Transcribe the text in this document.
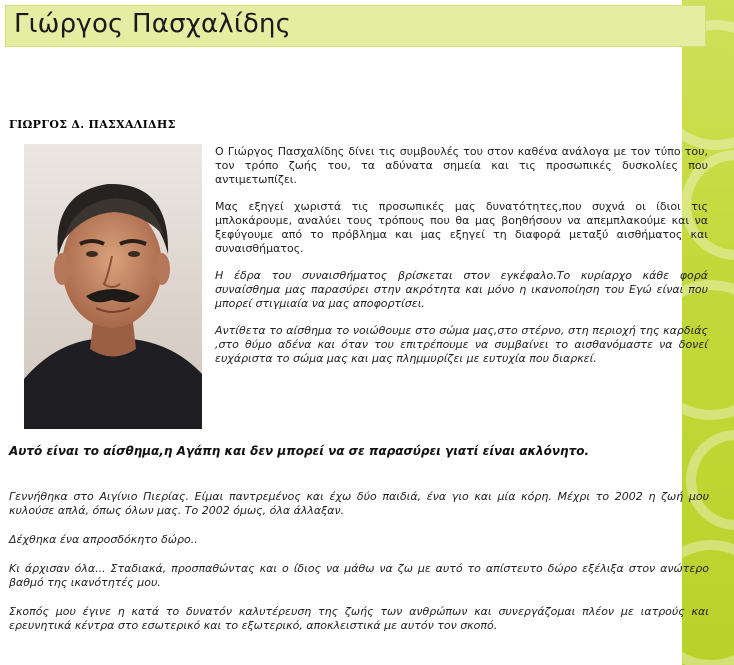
Γιώργος Πασχαλίδης
ΓΙΩΡΓΟΣ Δ. ΠΑΣΧΑΛΙΔΗΣ

Ο Γιώργος Πασχαλίδης δίνει τις συμβουλές του στον καθένα ανάλογα με τον τύπο του, τον τρόπο ζωής του, τα αδύνατα σημεία και τις προσωπικές δυσκολίες που αντιμετωπίζει.

Μας εξηγεί χωριστά τις προσωπικές μας δυνατότητες,που συχνά οι ίδιοι τις μπλοκάρουμε, αναλύει τους τρόπους που θα μας βοηθήσουν να απεμπλακούμε και να ξεφύγουμε από το πρόβλημα και μας εξηγεί τη διαφορά μεταξύ αισθήματος και συναισθήματος.

Η έδρα του συναισθήματος βρίσκεται στον εγκέφαλο.Το κυρίαρχο κάθε φορά συναίσθημα μας παρασύρει στην ακρότητα και μόνο η ικανοποίηση του Εγώ είναι που μπορεί στιγμιαία να μας αποφορτίσει.

Αντίθετα το αίσθημα το νοιώθουμε στο σώμα μας,στο στέρνο, στη περιοχή της καρδιάς ,στο θύμο αδένα και όταν του επιτρέπουμε να συμβαίνει το αισθανόμαστε να δονεί ευχάριστα το σώμα μας και μας πλημμυρίζει με ευτυχία που διαρκεί.

Αυτό είναι το αίσθημα,η Αγάπη και δεν μπορεί να σε παρασύρει γιατί είναι ακλόνητο.

Γεννήθηκα στο Αιγίνιο Πιερίας. Είμαι παντρεμένος και έχω δύο παιδιά, ένα γιο και μία κόρη. Μέχρι το 2002 η ζωή μου κυλούσε απλά, όπως όλων μας. Το 2002 όμως, όλα άλλαξαν.

Δέχθηκα ένα απροσδόκητο δώρο..

Κι άρχισαν όλα... Σταδιακά, προσπαθώντας και ο ίδιος να μάθω να ζω με αυτό το απίστευτο δώρο εξέλιξα στον ανώτερο βαθμό της ικανότητές μου.

Σκοπός μου έγινε η κατά το δυνατόν καλυτέρευση της ζωής των ανθρώπων και συνεργάζομαι πλέον με ιατρούς και ερευνητικά κέντρα στο εσωτερικό και το εξωτερικό, αποκλειστικά με αυτόν τον σκοπό.
